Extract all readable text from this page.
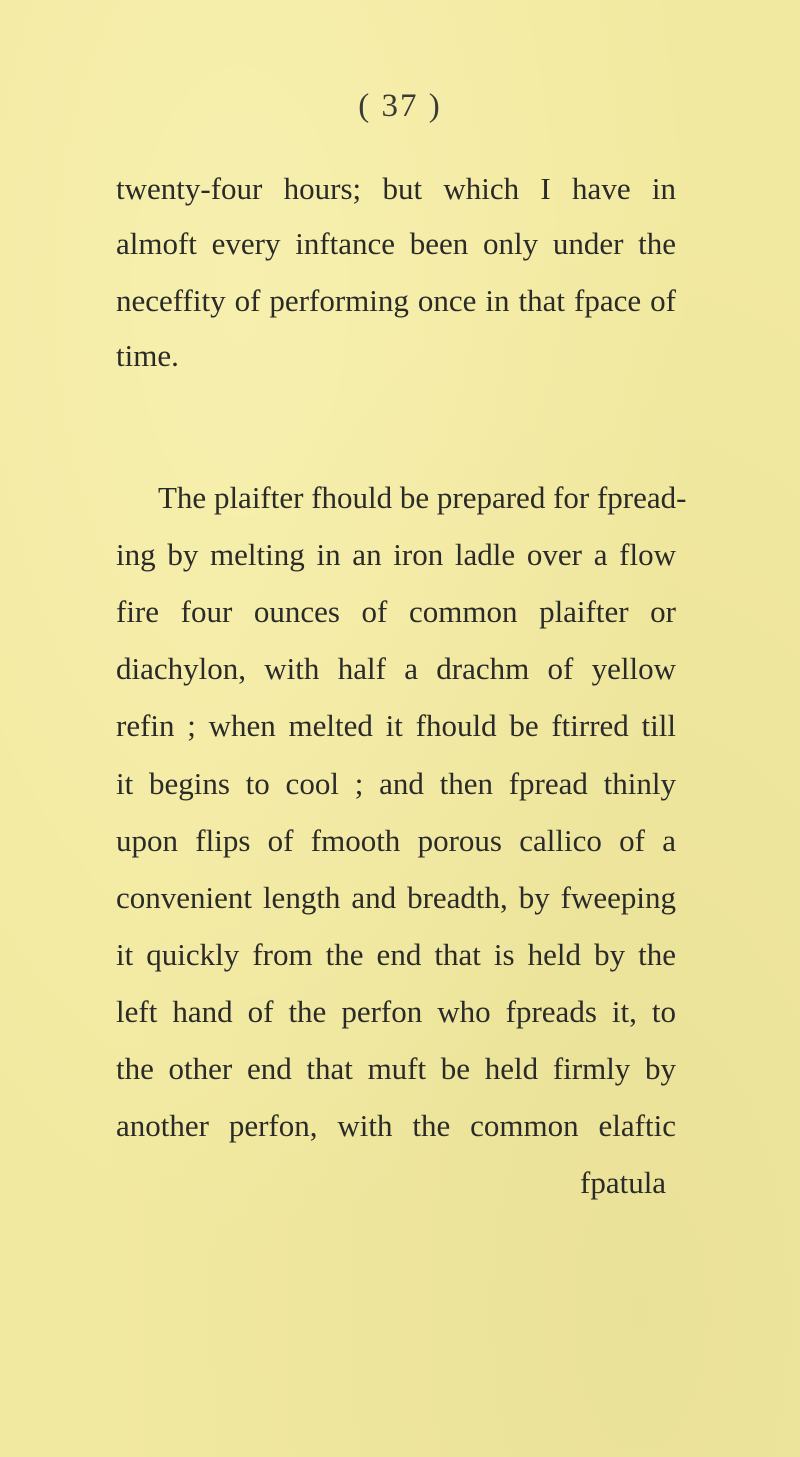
( 37 )
twenty-four hours; but which I have in
almoft every inftance been only under the
neceffity of performing once in that fpace of
time.
The plaifter fhould be prepared for fpread-
ing by melting in an iron ladle over a flow
fire four ounces of common plaifter or
diachylon, with half a drachm of yellow
refin ; when melted it fhould be ftirred till
it begins to cool ; and then fpread thinly
upon flips of fmooth porous callico of a
convenient length and breadth, by fweeping
it quickly from the end that is held by the
left hand of the perfon who fpreads it, to
the other end that muft be held firmly by
another perfon, with the common elaftic
fpatula
